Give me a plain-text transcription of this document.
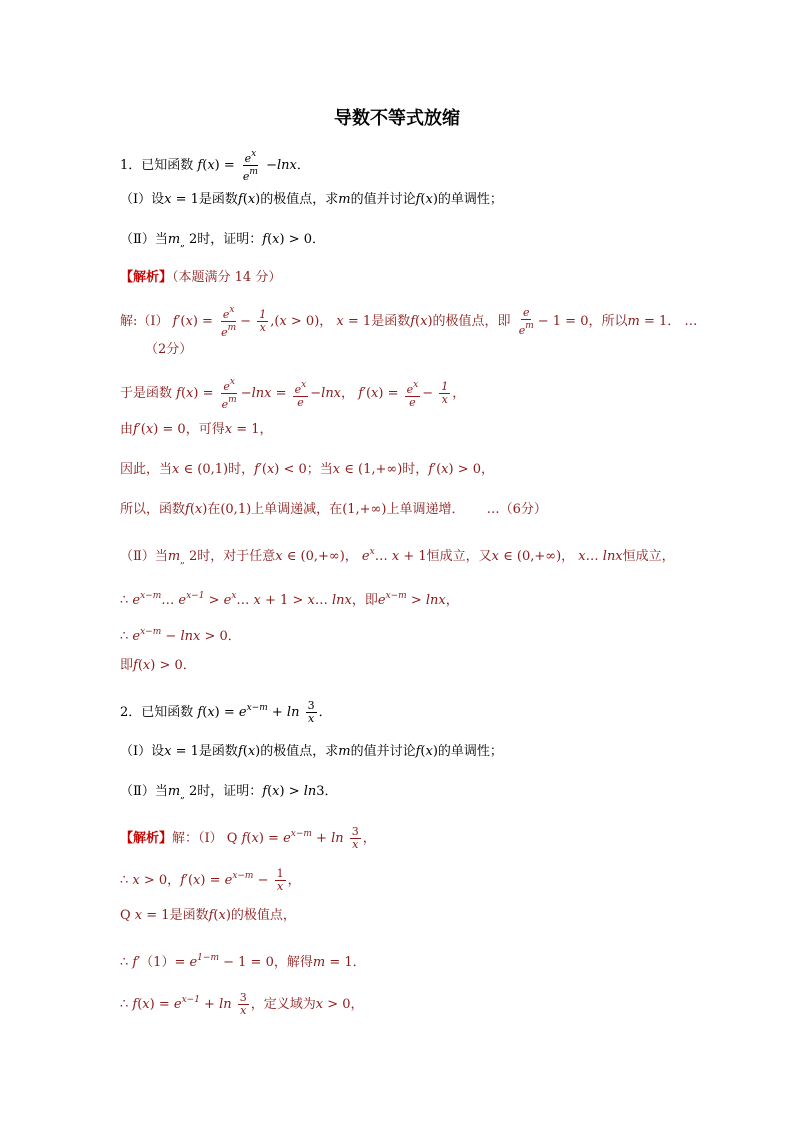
导数不等式放缩
1．已知函数 $f(x) = \frac{e^x}{e^m} -\ln x$．
（Ⅰ）设x = 1是函数f(x)的极值点，求m的值并讨论f(x)的单调性；
（Ⅱ）当$m_„$ 2时，证明：f(x) > 0．
【解析】（本题满分 14 分）
解:（Ⅰ） $f'(x) = \frac{e^x}{e^m} - \frac{1}{x} ,(x > 0)$， x = 1是函数f(x)的极值点，即 $\frac{e}{e^m} - 1 = 0$，所以m = 1． …
（2分）
于是函数 $f(x) = \frac{e^x}{e^m} -\ln x = \frac{e^x}{e} -\ln x$， $f'(x) = \frac{e^x}{e} - \frac{1}{x}$ ，
由f′(x) = 0，可得x = 1，
因此，当x ∈ (0,1)时，f′(x) < 0；当x ∈ (1,+∞)时，f′(x) > 0，
所以，函数f(x)在(0,1)上单调递减，在(1,+∞)上单调递增． …（6分）
（Ⅱ）当$m_„$ 2时，对于任意x ∈ (0,+∞)， $e^x\dots$ x + 1恒成立，又x ∈ (0,+∞)， x… lnx恒成立，
∴ $e^{x-m}\dots$ $e^{x-1}$ > $e^x\dots$ x + 1 > x… lnx，即$e^{x-m} > \ln x$，
∴ $e^{x-m} - \ln x > 0$．
即f(x) > 0．
2．已知函数 $f(x) = e^{x-m} + \ln \frac{3}{x}$ ．
（Ⅰ）设x = 1是函数f(x)的极值点，求m的值并讨论f(x)的单调性；
（Ⅱ）当$m_„$ 2时，证明：f(x) > ln3．
【解析】解：（Ⅰ） Q $f(x) = e^{x-m} + \ln \frac{3}{x}$ ，
∴ x > 0，$f'(x) = e^{x-m} - \frac{1}{x}$ ，
Q x = 1是函数f(x)的极值点，
∴ $f'(1)= e^{1-m} - 1 = 0$，解得m = 1．
∴ $f(x) = e^{x-1} + \ln \frac{3}{x}$ ，定义域为x > 0，
